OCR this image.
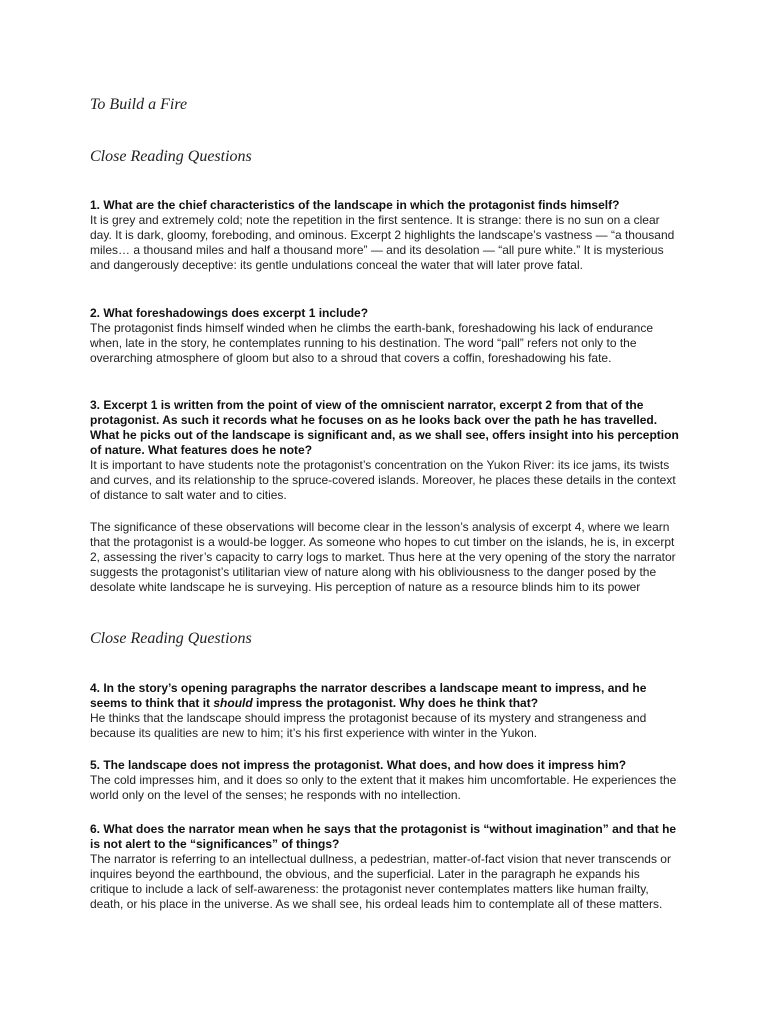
To Build a Fire
Close Reading Questions

1. What are the chief characteristics of the landscape in which the protagonist finds himself?

It is grey and extremely cold; note the repetition in the first sentence. It is strange: there is no sun on a clear day. It is dark, gloomy, foreboding, and ominous. Excerpt 2 highlights the landscape’s vastness — “a thousand miles… a thousand miles and half a thousand more” — and its desolation — “all pure white.” It is mysterious and dangerously deceptive: its gentle undulations conceal the water that will later prove fatal.

2. What foreshadowings does excerpt 1 include?

The protagonist finds himself winded when he climbs the earth-bank, foreshadowing his lack of endurance when, late in the story, he contemplates running to his destination. The word “pall” refers not only to the overarching atmosphere of gloom but also to a shroud that covers a coffin, foreshadowing his fate.

3. Excerpt 1 is written from the point of view of the omniscient narrator, excerpt 2 from that of the protagonist. As such it records what he focuses on as he looks back over the path he has travelled. What he picks out of the landscape is significant and, as we shall see, offers insight into his perception of nature. What features does he note?

It is important to have students note the protagonist’s concentration on the Yukon River: its ice jams, its twists and curves, and its relationship to the spruce-covered islands. Moreover, he places these details in the context of distance to salt water and to cities.

The significance of these observations will become clear in the lesson’s analysis of excerpt 4, where we learn that the protagonist is a would-be logger. As someone who hopes to cut timber on the islands, he is, in excerpt 2, assessing the river’s capacity to carry logs to market. Thus here at the very opening of the story the narrator suggests the protagonist’s utilitarian view of nature along with his obliviousness to the danger posed by the desolate white landscape he is surveying. His perception of nature as a resource blinds him to its power

Close Reading Questions

4. In the story’s opening paragraphs the narrator describes a landscape meant to impress, and he seems to think that it should impress the protagonist. Why does he think that?

He thinks that the landscape should impress the protagonist because of its mystery and strangeness and because its qualities are new to him; it’s his first experience with winter in the Yukon.

5. The landscape does not impress the protagonist. What does, and how does it impress him?

The cold impresses him, and it does so only to the extent that it makes him uncomfortable. He experiences the world only on the level of the senses; he responds with no intellection.

6. What does the narrator mean when he says that the protagonist is “without imagination” and that he is not alert to the “significances” of things?

The narrator is referring to an intellectual dullness, a pedestrian, matter-of-fact vision that never transcends or inquires beyond the earthbound, the obvious, and the superficial. Later in the paragraph he expands his critique to include a lack of self-awareness: the protagonist never contemplates matters like human frailty, death, or his place in the universe. As we shall see, his ordeal leads him to contemplate all of these matters.
